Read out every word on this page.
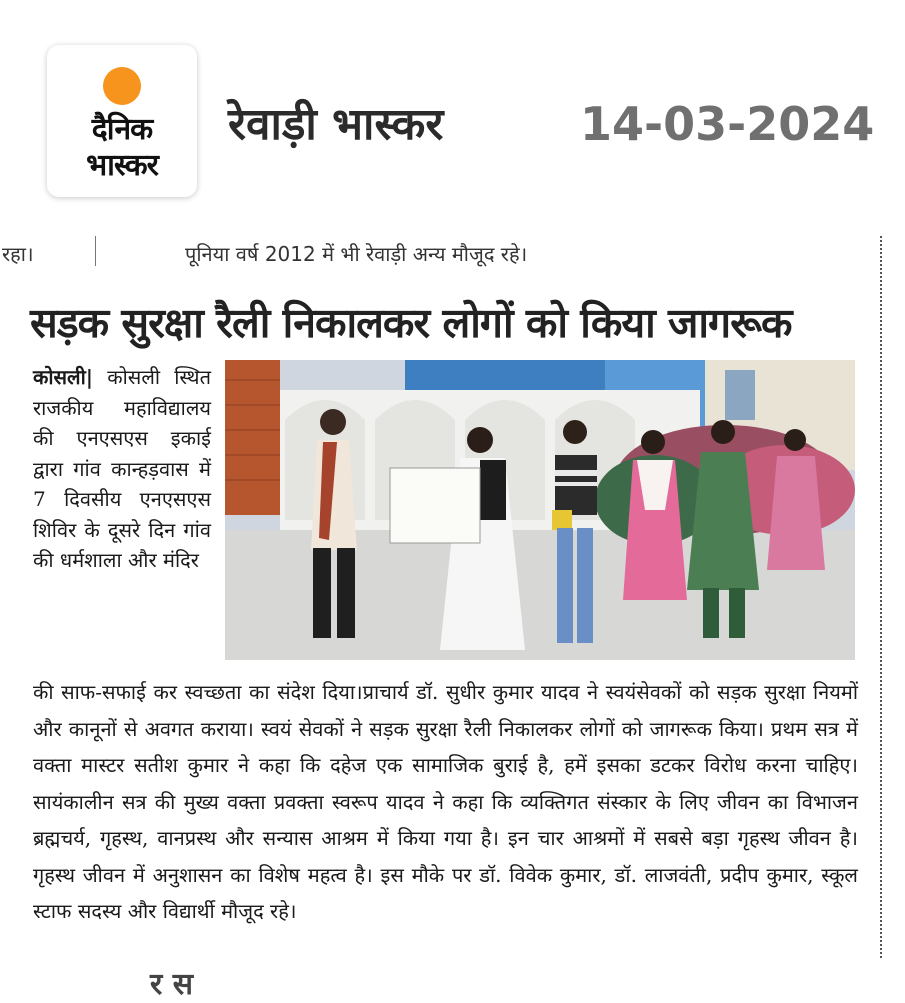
दैनिक
भास्कर
रेवाड़ी भास्कर	14-03-2024
रहा।	पूनिया वर्ष 2012 में भी रेवाड़ी अन्य मौजूद रहे।
सड़क सुरक्षा रैली निकालकर लोगों को किया जागरूक
कोसली| कोसली स्थित राजकीय महाविद्यालय की एनएसएस इकाई द्वारा गांव कान्हड़वास में 7 दिवसीय एनएसएस शिविर के दूसरे दिन गांव की धर्मशाला और मंदिर
की साफ-सफाई कर स्वच्छता का संदेश दिया।प्राचार्य डॉ. सुधीर कुमार यादव ने स्वयंसेवकों को सड़क सुरक्षा नियमों और कानूनों से अवगत कराया। स्वयं सेवकों ने सड़क सुरक्षा रैली निकालकर लोगों को जागरूक किया। प्रथम सत्र में वक्ता मास्टर सतीश कुमार ने कहा कि दहेज एक सामाजिक बुराई है, हमें इसका डटकर विरोध करना चाहिए। सायंकालीन सत्र की मुख्य वक्ता प्रवक्ता स्वरूप यादव ने कहा कि व्यक्तिगत संस्कार के लिए जीवन का विभाजन ब्रह्मचर्य, गृहस्थ, वानप्रस्थ और सन्यास आश्रम में किया गया है। इन चार आश्रमों में सबसे बड़ा गृहस्थ जीवन है। गृहस्थ जीवन में अनुशासन का विशेष महत्व है। इस मौके पर डॉ. विवेक कुमार, डॉ. लाजवंती, प्रदीप कुमार, स्कूल स्टाफ सदस्य और विद्यार्थी मौजूद रहे।
र स
